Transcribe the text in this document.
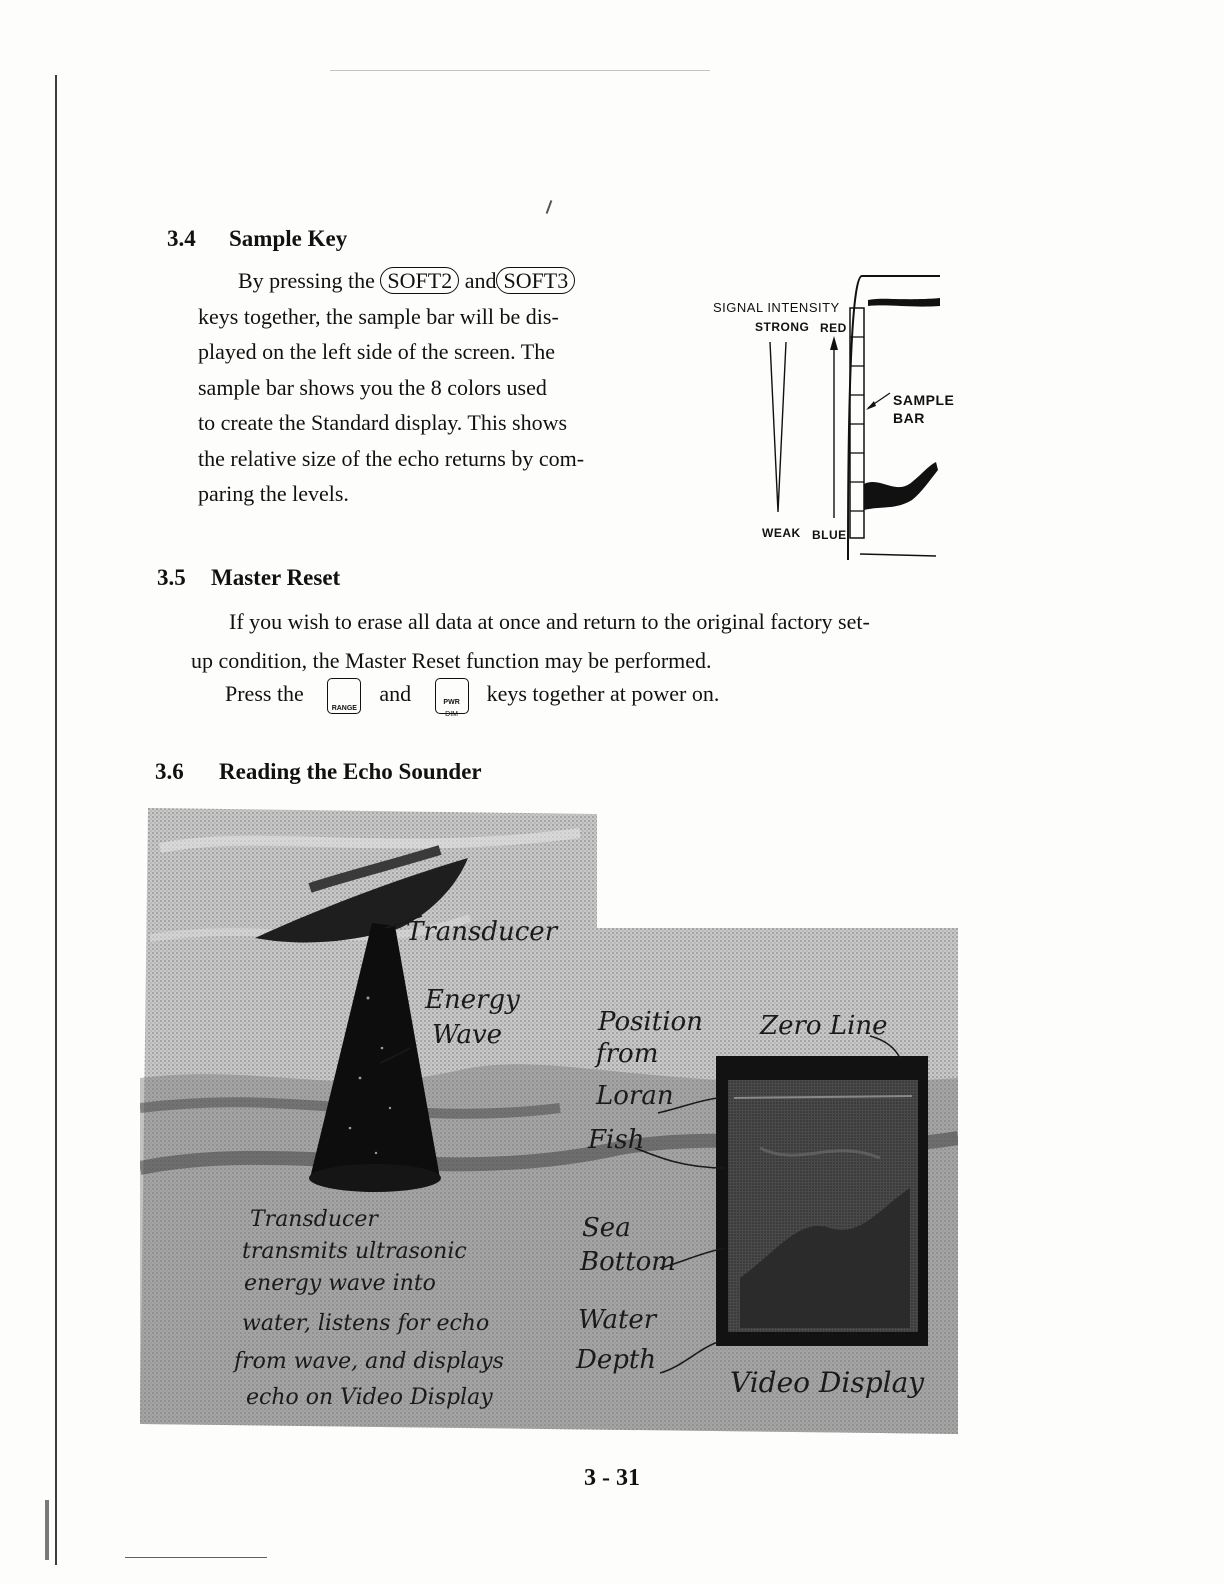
3.4 Sample Key
By pressing the SOFT2 and SOFT3
keys together, the sample bar will be dis-
played on the left side of the screen. The
sample bar shows you the 8 colors used
to create the Standard display. This shows
the relative size of the echo returns by com-
paring the levels.
SIGNAL INTENSITY
STRONG RED
WEAK BLUE
SAMPLE
BAR
3.5 Master Reset
If you wish to erase all data at once and return to the original factory set-
up condition, the Master Reset function may be performed.
Press the
RANGE
and	PWR
DIM
keys together at power on.
3.6 Reading the Echo Sounder
Transducer
Energy
Wave	Position
from
Loran
Fish
Sea
Bottom
Water
Depth
Zero Line
Video Display
Transducer
transmits ultrasonic
energy wave into
water, listens for echo
from wave, and displays
echo on Video Display
3 - 31
